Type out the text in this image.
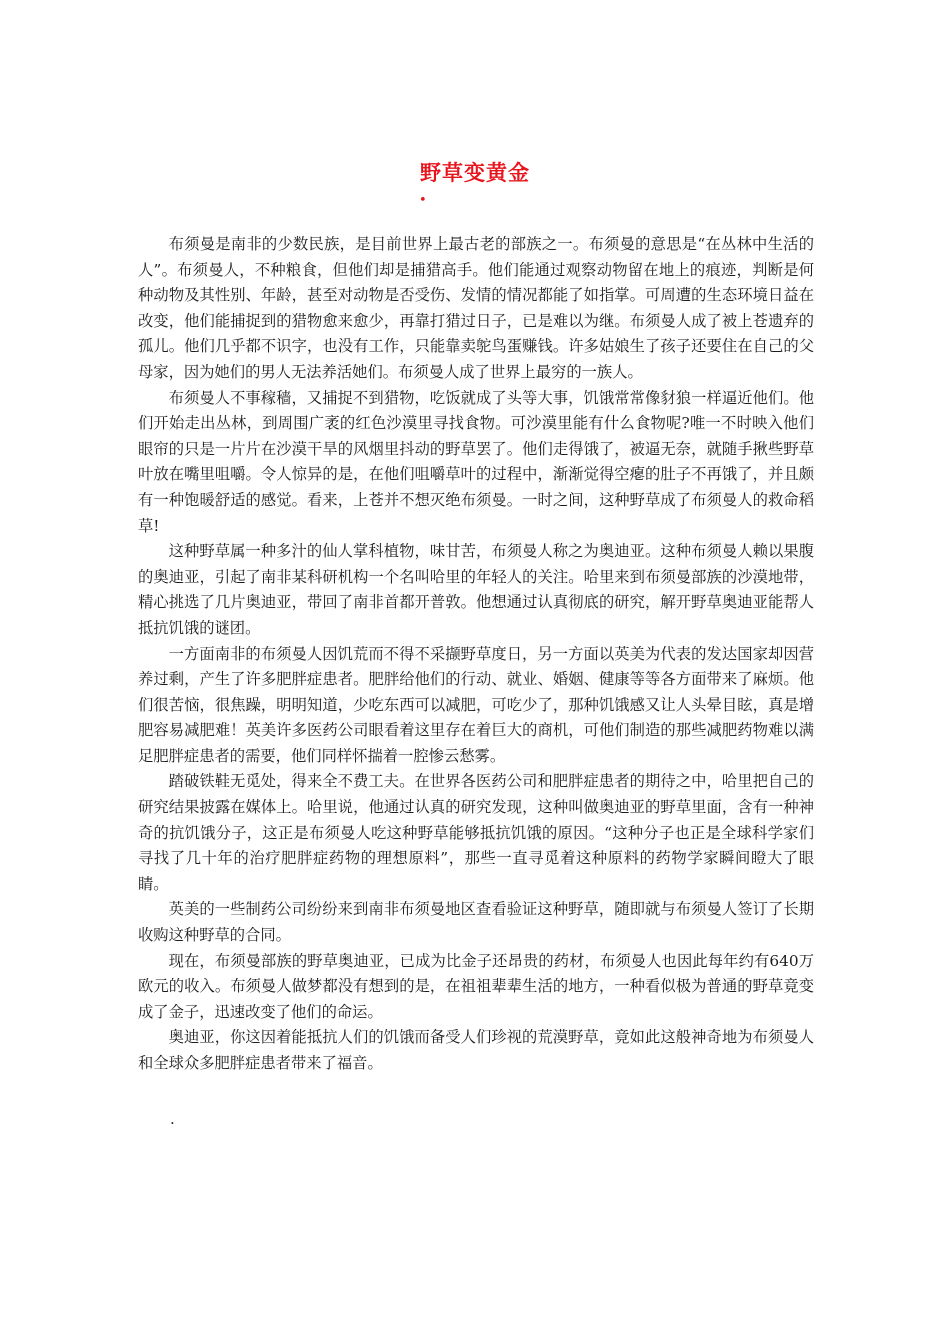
野草变黄金
•

布须曼是南非的少数民族，是目前世界上最古老的部族之一。布须曼的意思是“在丛林中生活的人”。布须曼人，不种粮食，但他们却是捕猎高手。他们能通过观察动物留在地上的痕迹，判断是何种动物及其性别、年龄，甚至对动物是否受伤、发情的情况都能了如指掌。可周遭的生态环境日益在改变，他们能捕捉到的猎物愈来愈少，再靠打猎过日子，已是难以为继。布须曼人成了被上苍遗弃的孤儿。他们几乎都不识字，也没有工作，只能靠卖鸵鸟蛋赚钱。许多姑娘生了孩子还要住在自己的父母家，因为她们的男人无法养活她们。布须曼人成了世界上最穷的一族人。

布须曼人不事稼穑，又捕捉不到猎物，吃饭就成了头等大事，饥饿常常像豺狼一样逼近他们。他们开始走出丛林，到周围广袤的红色沙漠里寻找食物。可沙漠里能有什么食物呢?唯一不时映入他们眼帘的只是一片片在沙漠干旱的风烟里抖动的野草罢了。他们走得饿了，被逼无奈，就随手揪些野草叶放在嘴里咀嚼。令人惊异的是，在他们咀嚼草叶的过程中，渐渐觉得空瘪的肚子不再饿了，并且颇有一种饱暖舒适的感觉。看来，上苍并不想灭绝布须曼。一时之间，这种野草成了布须曼人的救命稻草!

这种野草属一种多汁的仙人掌科植物，味甘苦，布须曼人称之为奥迪亚。这种布须曼人赖以果腹的奥迪亚，引起了南非某科研机构一个名叫哈里的年轻人的关注。哈里来到布须曼部族的沙漠地带，精心挑选了几片奥迪亚，带回了南非首都开普敦。他想通过认真彻底的研究，解开野草奥迪亚能帮人抵抗饥饿的谜团。

一方面南非的布须曼人因饥荒而不得不采撷野草度日，另一方面以英美为代表的发达国家却因营养过剩，产生了许多肥胖症患者。肥胖给他们的行动、就业、婚姻、健康等等各方面带来了麻烦。他们很苦恼，很焦躁，明明知道，少吃东西可以减肥，可吃少了，那种饥饿感又让人头晕目眩，真是增肥容易减肥难！英美许多医药公司眼看着这里存在着巨大的商机，可他们制造的那些减肥药物难以满足肥胖症患者的需要，他们同样怀揣着一腔惨云愁雾。

踏破铁鞋无觅处，得来全不费工夫。在世界各医药公司和肥胖症患者的期待之中，哈里把自己的研究结果披露在媒体上。哈里说，他通过认真的研究发现，这种叫做奥迪亚的野草里面，含有一种神奇的抗饥饿分子，这正是布须曼人吃这种野草能够抵抗饥饿的原因。“这种分子也正是全球科学家们寻找了几十年的治疗肥胖症药物的理想原料”，那些一直寻觅着这种原料的药物学家瞬间瞪大了眼睛。

英美的一些制药公司纷纷来到南非布须曼地区查看验证这种野草，随即就与布须曼人签订了长期收购这种野草的合同。

现在，布须曼部族的野草奥迪亚，已成为比金子还昂贵的药材，布须曼人也因此每年约有640万欧元的收入。布须曼人做梦都没有想到的是，在祖祖辈辈生活的地方，一种看似极为普通的野草竟变成了金子，迅速改变了他们的命运。

奥迪亚，你这因着能抵抗人们的饥饿而备受人们珍视的荒漠野草，竟如此这般神奇地为布须曼人和全球众多肥胖症患者带来了福音。

.
